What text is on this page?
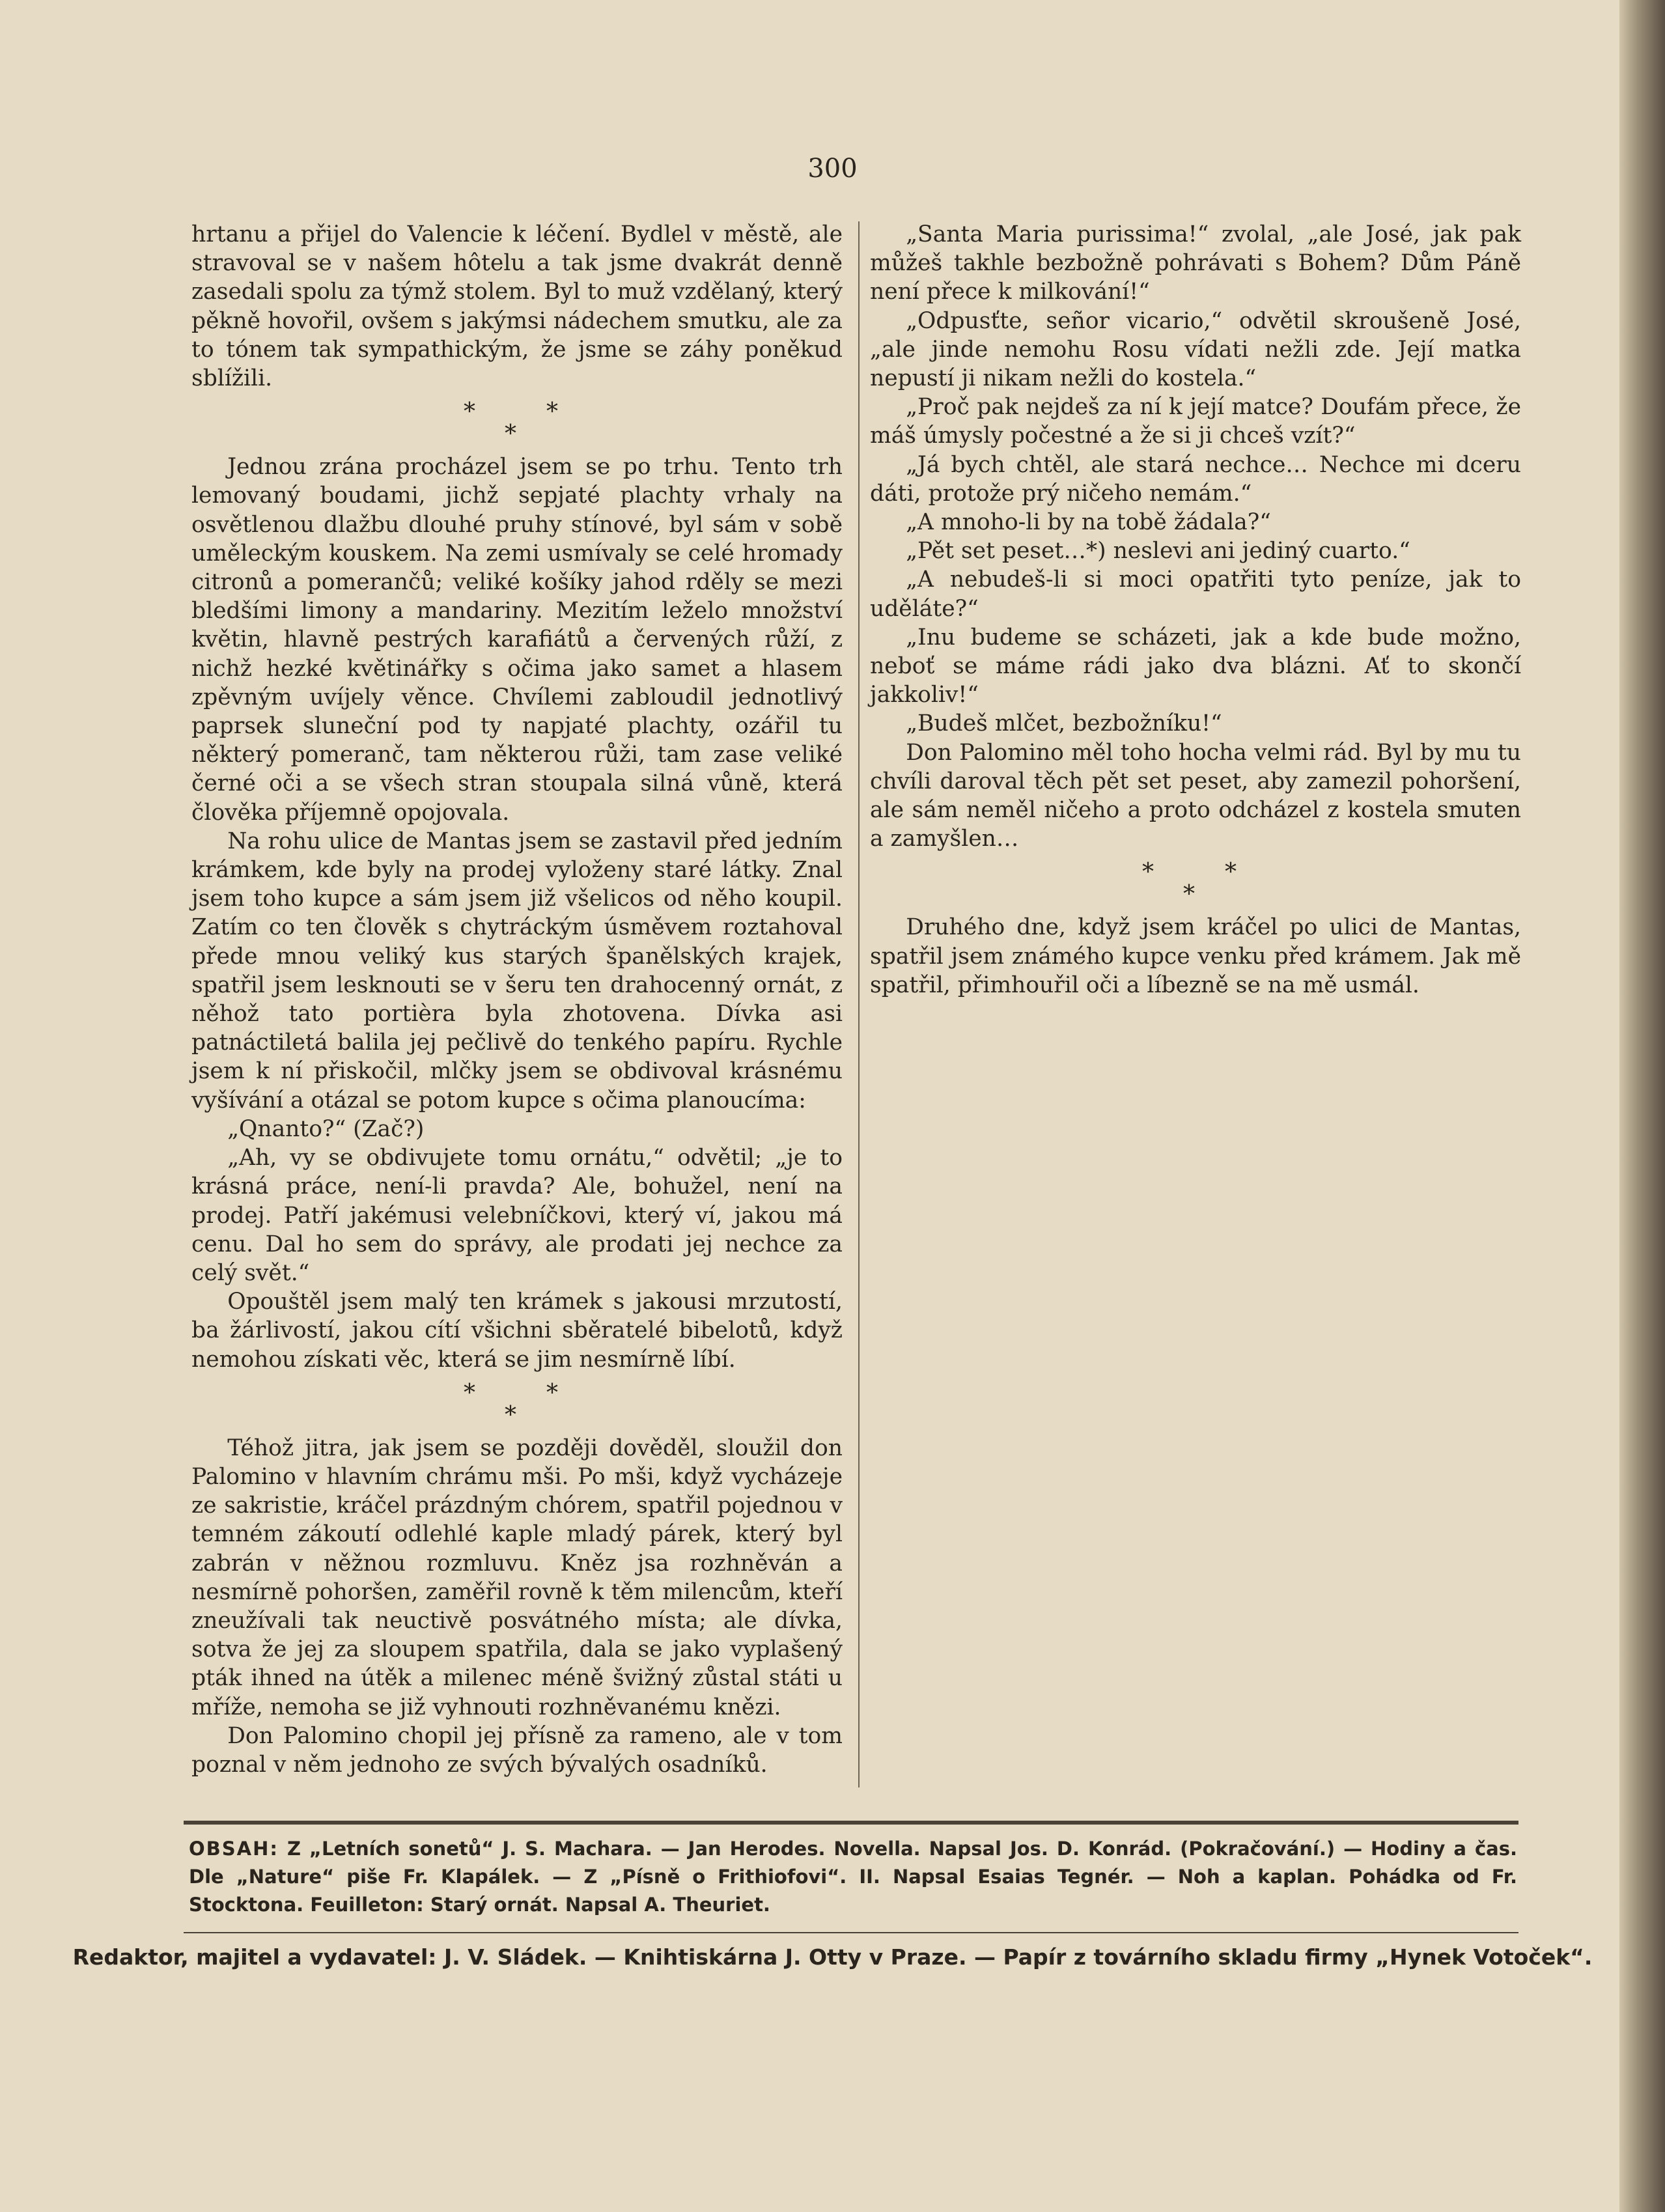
300

hrtanu a přijel do Valencie k léčení. Bydlel v městě, ale stravoval se v našem hôtelu a tak jsme dvakrát denně zasedali spolu za týmž stolem. Byl to muž vzdělaný, který pěkně hovořil, ovšem s jakýmsi nádechem smutku, ale za to tónem tak sympathickým, že jsme se záhy poněkud sblížili.

*	*
*

Jednou zrána procházel jsem se po trhu. Tento trh lemovaný boudami, jichž sepjaté plachty vrhaly na osvětlenou dlažbu dlouhé pruhy stínové, byl sám v sobě uměleckým kouskem. Na zemi usmívaly se celé hromady citronů a pomerančů; veliké košíky jahod rděly se mezi bledšími limony a mandariny. Mezitím leželo množství květin, hlavně pestrých karafiátů a červených růží, z nichž hezké květinářky s očima jako samet a hlasem zpěvným uvíjely věnce. Chvílemi zabloudil jednotlivý paprsek sluneční pod ty napjaté plachty, ozářil tu některý pomeranč, tam některou růži, tam zase veliké černé oči a se všech stran stoupala silná vůně, která člověka příjemně opojovala.

Na rohu ulice de Mantas jsem se zastavil před jedním krámkem, kde byly na prodej vyloženy staré látky. Znal jsem toho kupce a sám jsem již všelicos od něho koupil. Zatím co ten člověk s chytráckým úsměvem roztahoval přede mnou veliký kus starých španělských krajek, spatřil jsem lesknouti se v šeru ten drahocenný ornát, z něhož tato portièra byla zhotovena. Dívka asi patnáctiletá balila jej pečlivě do tenkého papíru. Rychle jsem k ní přiskočil, mlčky jsem se obdivoval krásnému vyšívání a otázal se potom kupce s očima planoucíma:

„Qnanto?“ (Zač?)

„Ah, vy se obdivujete tomu ornátu,“ odvětil; „je to krásná práce, není-li pravda? Ale, bohužel, není na prodej. Patří jakémusi velebníčkovi, který ví, jakou má cenu. Dal ho sem do správy, ale prodati jej nechce za celý svět.“

Opouštěl jsem malý ten krámek s jakousi mrzutostí, ba žárlivostí, jakou cítí všichni sběratelé bibelotů, když nemohou získati věc, která se jim nesmírně líbí.

*	*
*

Téhož jitra, jak jsem se později dověděl, sloužil don Palomino v hlavním chrámu mši. Po mši, když vycházeje ze sakristie, kráčel prázdným chórem, spatřil pojednou v temném zákoutí odlehlé kaple mladý párek, který byl zabrán v něžnou rozmluvu. Kněz jsa rozhněván a nesmírně pohoršen, zaměřil rovně k těm milencům, kteří zneužívali tak neuctivě posvátného místa; ale dívka, sotva že jej za sloupem spatřila, dala se jako vyplašený pták ihned na útěk a milenec méně švižný zůstal státi u mříže, nemoha se již vyhnouti rozhněvanému knězi.

Don Palomino chopil jej přísně za rameno, ale v tom poznal v něm jednoho ze svých bývalých osadníků.

„Santa Maria purissima!“ zvolal, „ale José, jak pak můžeš takhle bezbožně pohrávati s Bohem? Dům Páně není přece k milkování!“

„Odpusťte, señor vicario,“ odvětil skroušeně José, „ale jinde nemohu Rosu vídati nežli zde. Její matka nepustí ji nikam nežli do kostela.“

„Proč pak nejdeš za ní k její matce? Doufám přece, že máš úmysly počestné a že si ji chceš vzít?“

„Já bych chtěl, ale stará nechce… Nechce mi dceru dáti, protože prý ničeho nemám.“

„A mnoho-li by na tobě žádala?“

„Pět set peset…*) neslevi ani jediný cuarto.“

„A nebudeš-li si moci opatřiti tyto peníze, jak to uděláte?“

„Inu budeme se scházeti, jak a kde bude možno, neboť se máme rádi jako dva blázni. Ať to skončí jakkoliv!“

„Budeš mlčet, bezbožníku!“

Don Palomino měl toho hocha velmi rád. Byl by mu tu chvíli daroval těch pět set peset, aby zamezil pohoršení, ale sám neměl ničeho a proto odcházel z kostela smuten a zamyšlen…

*	*
*

Druhého dne, když jsem kráčel po ulici de Mantas, spatřil jsem známého kupce venku před krámem. Jak mě spatřil, přimhouřil oči a líbezně se na mě usmál.

OBSAH: Z „Letních sonetů“ J. S. Machara. — Jan Herodes. Novella. Napsal Jos. D. Konrád. (Pokračování.) — Hodiny a čas. Dle „Nature“ piše Fr. Klapálek. — Z „Písně o Frithiofovi“. II. Napsal Esaias Tegnér. — Noh a kaplan. Pohádka od Fr. Stocktona. Feuilleton: Starý ornát. Napsal A. Theuriet.
Redaktor, majitel a vydavatel: J. V. Sládek. — Knihtiskárna J. Otty v Praze. — Papír z továrního skladu firmy „Hynek Votoček“.
